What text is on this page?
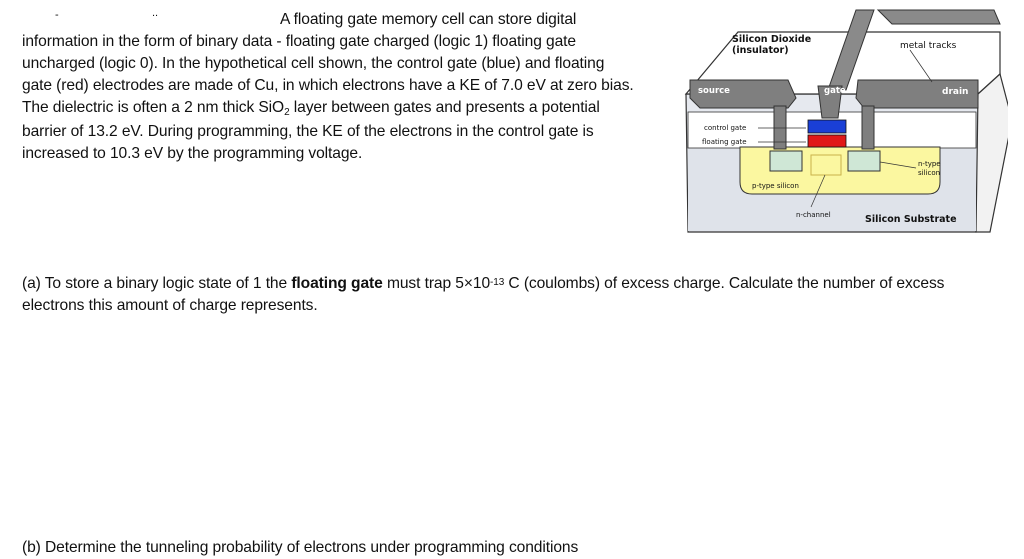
-	..	A floating gate memory cell can store digital
information in the form of binary data - floating gate charged (logic 1) floating gate
uncharged (logic 0). In the hypothetical cell shown, the control gate (blue) and floating
gate (red) electrodes are made of Cu, in which electrons have a KE of 7.0 eV at zero bias.
The dielectric is often a 2 nm thick SiO$_2$ layer between gates and presents a potential
barrier of 13.2 eV. During programming, the KE of the electrons in the control gate is
increased to 10.3 eV by the programming voltage.
Silicon Dioxide
(insulator)	metal tracks
source	gate	drain
control gate
floating gate
n-type
silicon
p-type silicon
n-channel	Silicon Substrate
(a) To store a binary logic state of 1 the floating gate must trap $5\times 10^{-13}$ C (coulombs) of excess charge. Calculate the number of excess
electrons this amount of charge represents.
(b) Determine the tunneling probability of electrons under programming conditions
